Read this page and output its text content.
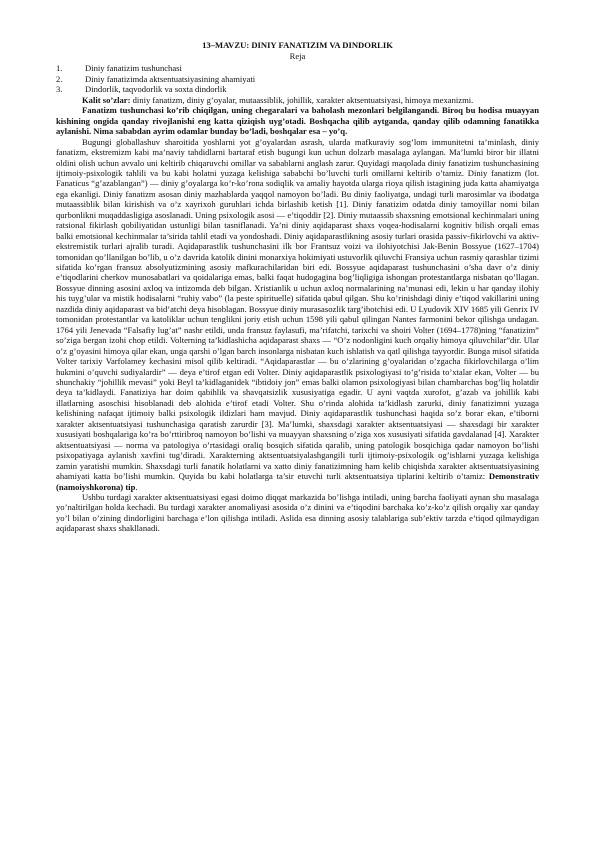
13–MAVZU: DINIY FANATIZIM VA DINDORLIK
Reja
1.	Diniy fanatizim tushunchasi
2.	Diniy fanatizimda aktsentuatsiyasining ahamiyati
3.	Dindorlik, taqvodorlik va soxta dindorlik

Kalit so’zlar: diniy fanatizm, diniy g’oyalar, mutaassiblik, johillik, xarakter aktsentuatsiyasi, himoya mexanizmi.

Fanatizm tushunchasi ko’rib chiqilgan, uning chegaralari va baholash mezonlari belgilangandi. Biroq bu hodisa muayyan kishining ongida qanday rivojlanishi eng katta qiziqish uyg’otadi. Boshqacha qilib aytganda, qanday qilib odamning fanatikka aylanishi. Nima sababdan ayrim odamlar bunday bo’ladi, boshqalar esa – yo’q.

Bugungi globallashuv sharoitida yoshlarni yot g’oyalardan asrash, ularda mafkuraviy sog’lom immunitetni ta’minlash, diniy fanatizm, ekstremizm kabi ma’naviy tahdidlarni bartaraf etish bugungi kun uchun dolzarb masalaga aylangan. Ma’lumki biror bir illatni oldini olish uchun avvalo uni keltirib chiqaruvchi omillar va sabablarni anglash zarur. Quyidagi maqolada diniy fanatizim tushunchasining ijtimoiy-psixologik tahlili va bu kabi holatni yuzaga kelishiga sababchi bo’luvchi turli omillarni keltirib o’tamiz. Diniy fanatizm (lot. Fanaticus “g’azablangan”) — diniy g’oyalarga ko’r-ko’rona sodiqlik va amaliy hayotda ularga rioya qilish istagining juda katta ahamiyatga ega ekanligi. Diniy fanatizm asosan diniy mazhablarda yaqqol namoyon bo’ladi. Bu diniy faoliyatga, undagi turli marosimlar va ibodatga mutaassiblik bilan kirishish va o’z xayrixoh guruhlari ichda birlashib ketish [1]. Diniy fanatizim odatda diniy tamoyillar nomi bilan qurbonlikni muqaddasligiga asoslanadi. Uning psixologik asosi — e’tiqoddir [2]. Diniy mutaassib shaxsning emotsional kechinmalari uning ratsional fikirlash qobiliyatidan ustunligi bilan tasniflanadi. Ya’ni diniy aqidaparast shaxs voqea-hodisalarni kognitiv bilish orqali emas balki emotsional kechinmalar ta’sirida tahlil etadi va yondoshadi. Diniy aqidaparastlikning asosiy turlari orasida passiv-fikirlovchi va aktiv-ekstremistik turlari ajralib turadi. Aqidaparastlik tushunchasini ilk bor Frantsuz voizi va ilohiyotchisi Jak-Benin Bossyue (1627–1704) tomonidan qo’llanilgan bo’lib, u o’z davrida katolik dinini monarxiya hokimiyati ustuvorlik qiluvchi Fransiya uchun rasmiy qarashlar tizimi sifatida ko’rgan fransuz absolyutizmining asosiy mafkurachilaridan biri edi. Bossyue aqidaparast tushunchasini o’sha davr o’z diniy e’tiqodlarini cherkov munosabatlari va qoidalariga emas, balki faqat hudogagina bog’liqligiga ishongan protestantlarga nisbatan qo’llagan. Bossyue dinning asosini axloq va intizomda deb bilgan. Xristianlik u uchun axloq normalarining na’munasi edi, lekin u har qanday ilohiy his tuyg’ular va mistik hodisalarni “ruhiy vabo” (la peste spirituelle) sifatida qabul qilgan. Shu ko’rinishdagi diniy e’tiqod vakillarini uning nazdida diniy aqidaparast va bid’atchi deya hisoblagan. Bossyue diniy murasasozlik targ’ibotchisi edi. U Lyudovik XIV 1685 yili Genrix IV tomonidan protestantlar va katoliklar uchun tenglikni joriy etish uchun 1598 yili qabul qilingan Nantes farmonini bekor qilishga undagan. 1764 yili Jenevada “Falsafiy lug’at” nashr etildi, unda fransuz faylasufi, ma’rifatchi, tarixchi va shoiri Volter (1694–1778)ning “fanatizim” so’ziga bergan izohi chop etildi. Volterning ta’kidlashicha aqidaparast shaxs — “O’z nodonligini kuch orqaliy himoya qiluvchilar”dir. Ular o’z g’oyasini himoya qilar ekan, unga qarshi o’lgan barch insonlarga nisbatan kuch ishlatish va qatl qilishga tayyordir. Bunga misol sifatida Volter tarixiy Varfolamey kechasini misol qilib keltiradi. “Aqidaparastlar — bu o’zlarining g’oyalaridan o’zgacha fikirlovchilarga o’lim hukmini o’quvchi sudiyalardir” — deya e’tirof etgan edi Volter. Diniy aqidaparastlik psixologiyasi to’g’risida to’xtalar ekan, Volter — bu shunchakiy “johillik mevasi” yoki Beyl ta’kidlaganidek “ibtidoiy jon” emas balki olamon psixologiyasi bilan chambarchas bog’liq holatdir deya ta’kidlaydi. Fanatiziya har doim qabihlik va shavqatsizlik xususiyatiga egadir. U ayni vaqtda xurofot, g’azab va johillik kabi illatlarning asoschisi hisoblanadi deb alohida e’tirof etadi Volter. Shu o’rinda alohida ta’kidlash zarurki, diniy fanatizimni yuzaga kelishining nafaqat ijtimoiy balki psixologik ildizlari ham mavjud. Diniy aqidaparastlik tushunchasi haqida so’z borar ekan, e’tiborni xarakter aktsentuatsiyasi tushunchasiga qaratish zarurdir [3]. Ma’lumki, shaxsdagi xarakter aktsentuatsiyasi — shaxsdagi bir xarakter xususiyati boshqalariga ko’ra bo’rttiribroq namoyon bo’lishi va muayyan shaxsning o’ziga xos xususiyati sifatida gavdalanad [4]. Xarakter aktsentuatsiyasi — norma va patologiya o’rtasidagi oraliq bosqich sifatida qaralib, uning patologik bosqichiga qadar namoyon bo’lishi psixopatiyaga aylanish xavfini tug’diradi. Xarakterning aktsentuatsiyalashgangili turli ijtimoiy-psixologik og’ishlarni yuzaga kelishiga zamin yaratishi mumkin. Shaxsdagi turli fanatik holatlarni va xatto diniy fanatizimning ham kelib chiqishda xarakter aktsentuatsiyasining ahamiyati katta bo’lishi mumkin. Quyida bu kabi holatlarga ta’sir etuvchi turli aktsentuatsiya tiplarini keltirib o’tamiz: Demonstrativ (namoiyshkorona) tip.

Ushbu turdagi xarakter aktsentuatsiyasi egasi doimo diqqat markazida bo’lishga intiladi, uning barcha faoliyati aynan shu masalaga yo’naltirilgan holda kechadi. Bu turdagi xarakter anomaliyasi asosida o’z dinini va e’tiqodini barchaka ko’z-ko’z qilish orqaliy xar qanday yo’l bilan o’zining dindorligini barchaga e’lon qilishga intiladi. Aslida esa dinning asosiy talablariga sub’ektiv tarzda e’tiqod qilmaydigan aqidaparast shaxs shakllanadi.
